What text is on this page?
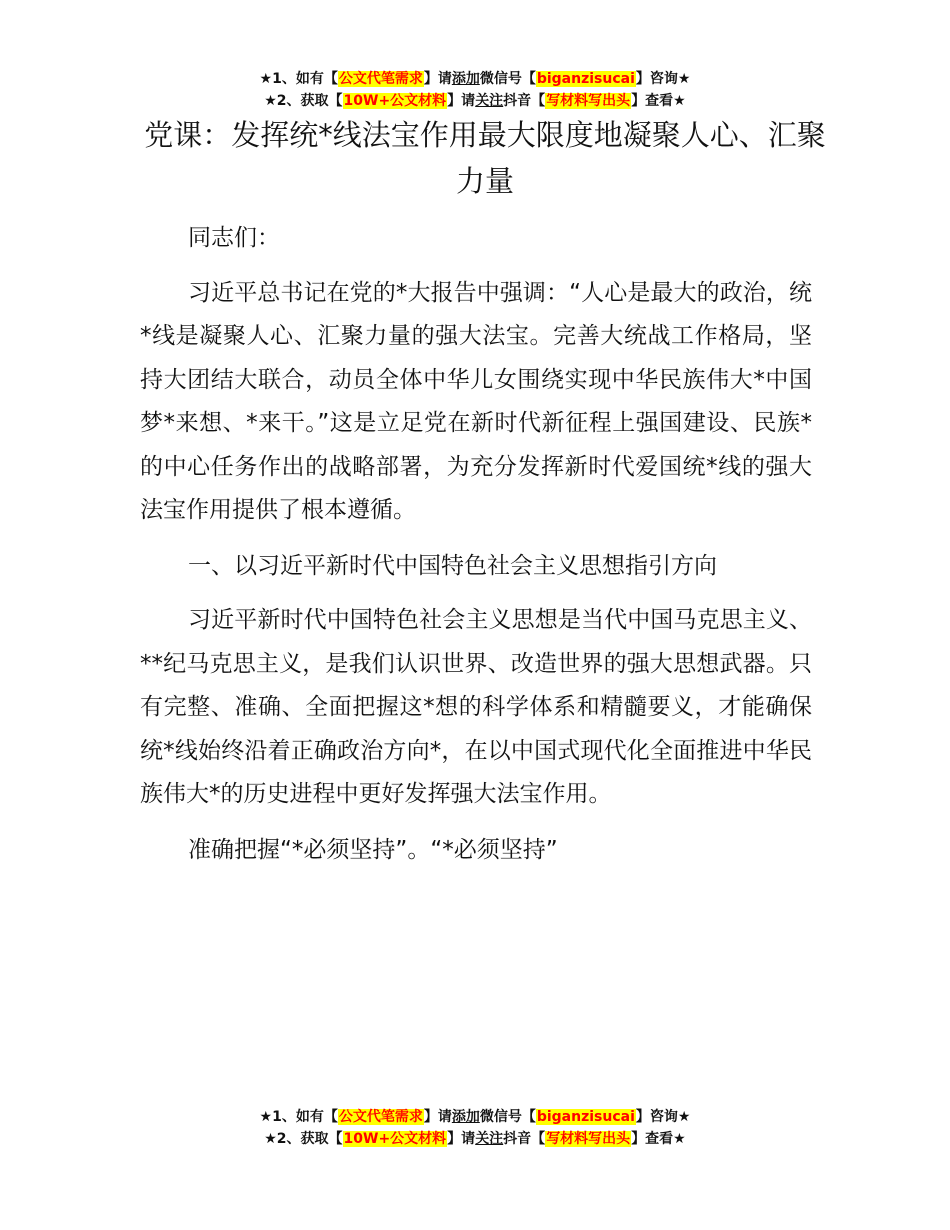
★1、如有【公文代笔需求】请添加微信号【biganzisucai】咨询★
★2、获取【10W+公文材料】请关注抖音【写材料写出头】查看★
党课：发挥统*线法宝作用最大限度地凝聚人心、汇聚力量

同志们：

习近平总书记在党的*大报告中强调：“人心是最大的政治，统*线是凝聚人心、汇聚力量的强大法宝。完善大统战工作格局，坚持大团结大联合，动员全体中华儿女围绕实现中华民族伟大*中国梦*来想、*来干。”这是立足党在新时代新征程上强国建设、民族*的中心任务作出的战略部署，为充分发挥新时代爱国统*线的强大法宝作用提供了根本遵循。

一、以习近平新时代中国特色社会主义思想指引方向

习近平新时代中国特色社会主义思想是当代中国马克思主义、**纪马克思主义，是我们认识世界、改造世界的强大思想武器。只有完整、准确、全面把握这*想的科学体系和精髓要义，才能确保统*线始终沿着正确政治方向*，在以中国式现代化全面推进中华民族伟大*的历史进程中更好发挥强大法宝作用。

准确把握“*必须坚持”。“*必须坚持”

★1、如有【公文代笔需求】请添加微信号【biganzisucai】咨询★
★2、获取【10W+公文材料】请关注抖音【写材料写出头】查看★
